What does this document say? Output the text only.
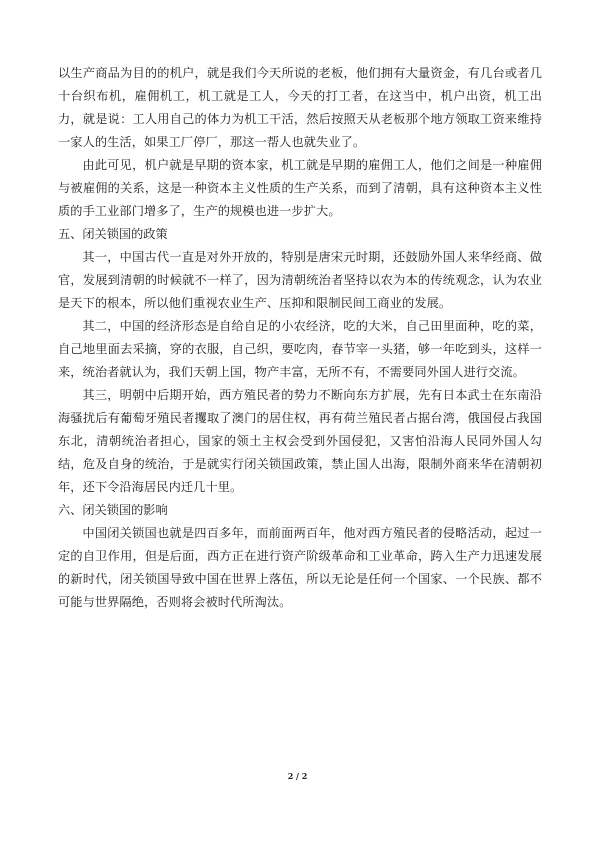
以生产商品为目的的机户，就是我们今天所说的老板，他们拥有大量资金，有几台或者几十台织布机，雇佣机工，机工就是工人，今天的打工者，在这当中，机户出资，机工出力，就是说：工人用自己的体力为机工干活，然后按照天从老板那个地方领取工资来维持一家人的生活，如果工厂停厂，那这一帮人也就失业了。

由此可见，机户就是早期的资本家，机工就是早期的雇佣工人，他们之间是一种雇佣与被雇佣的关系，这是一种资本主义性质的生产关系，而到了清朝，具有这种资本主义性质的手工业部门增多了，生产的规模也进一步扩大。

五、闭关锁国的政策

其一，中国古代一直是对外开放的，特别是唐宋元时期，还鼓励外国人来华经商、做官，发展到清朝的时候就不一样了，因为清朝统治者坚持以农为本的传统观念，认为农业是天下的根本，所以他们重视农业生产、压抑和限制民间工商业的发展。

其二，中国的经济形态是自给自足的小农经济，吃的大米，自己田里面种，吃的菜，自己地里面去采摘，穿的衣服，自己织，要吃肉，春节宰一头猪，够一年吃到头，这样一来，统治者就认为，我们天朝上国，物产丰富，无所不有，不需要同外国人进行交流。

其三，明朝中后期开始，西方殖民者的势力不断向东方扩展，先有日本武士在东南沿海骚扰后有葡萄牙殖民者攫取了澳门的居住权，再有荷兰殖民者占据台湾，俄国侵占我国东北，清朝统治者担心，国家的领土主权会受到外国侵犯，又害怕沿海人民同外国人勾结，危及自身的统治，于是就实行闭关锁国政策，禁止国人出海，限制外商来华在清朝初年，还下令沿海居民内迁几十里。

六、闭关锁国的影响

中国闭关锁国也就是四百多年，而前面两百年，他对西方殖民者的侵略活动，起过一定的自卫作用，但是后面，西方正在进行资产阶级革命和工业革命，跨入生产力迅速发展的新时代，闭关锁国导致中国在世界上落伍，所以无论是任何一个国家、一个民族、都不可能与世界隔绝，否则将会被时代所淘汰。

2 / 2
